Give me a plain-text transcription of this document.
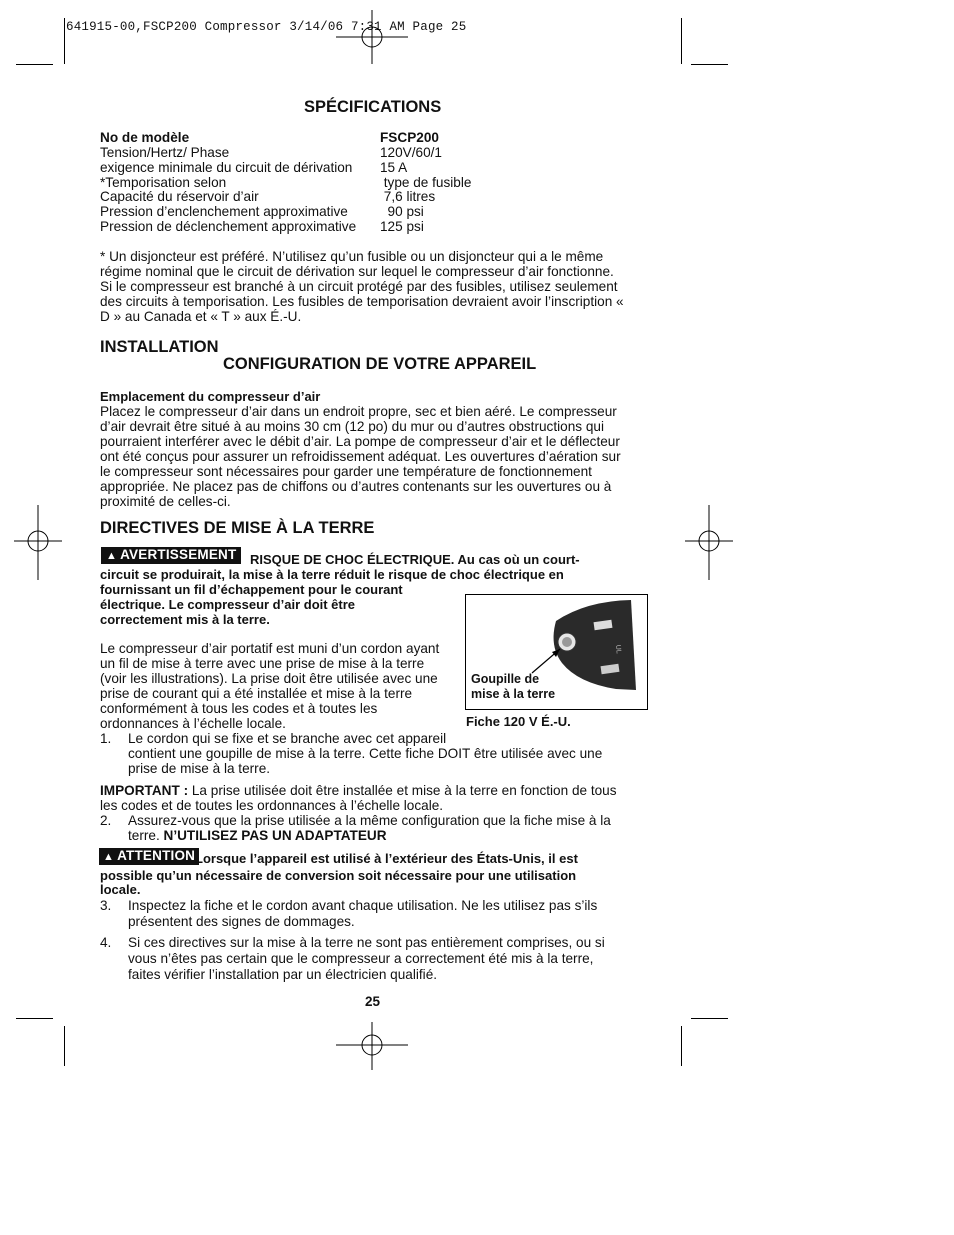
641915-00,FSCP200 Compressor 3/14/06 7:31 AM Page 25
SPÉCIFICATIONS
No de modèle	FSCP200
Tension/Hertz/ Phase	120V/60/1
exigence minimale du circuit de dérivation 15 A
*Temporisation selon	type de fusible
Capacité du réservoir d’air	7,6 litres
Pression d’enclenchement approximative 90 psi
Pression de déclenchement approximative 125 psi
* Un disjoncteur est préféré. N’utilisez qu’un fusible ou un disjoncteur qui a le même
régime nominal que le circuit de dérivation sur lequel le compresseur d’air fonctionne.
Si le compresseur est branché à un circuit protégé par des fusibles, utilisez seulement
des circuits à temporisation. Les fusibles de temporisation devraient avoir l’inscription «
D » au Canada et « T » aux É.-U.
INSTALLATION
CONFIGURATION DE VOTRE APPAREIL
Emplacement du compresseur d’air
Placez le compresseur d’air dans un endroit propre, sec et bien aéré. Le compresseur
d’air devrait être situé à au moins 30 cm (12 po) du mur ou d’autres obstructions qui
pourraient interférer avec le débit d’air. La pompe de compresseur d’air et le déflecteur
ont été conçus pour assurer un refroidissement adéquat. Les ouvertures d’aération sur
le compresseur sont nécessaires pour garder une température de fonctionnement
appropriée. Ne placez pas de chiffons ou d’autres contenants sur les ouvertures ou à
proximité de celles-ci.
DIRECTIVES DE MISE À LA TERRE
▲ AVERTISSEMENT	RISQUE DE CHOC ÉLECTRIQUE. Au cas où un court-
circuit se produirait, la mise à la terre réduit le risque de choc électrique en
fournissant un fil d’échappement pour le courant
électrique. Le compresseur d’air doit être
correctement mis à la terre.
UL
Goupille de
mise à la terre
Fiche 120 V É.-U.
Le compresseur d’air portatif est muni d’un cordon ayant
un fil de mise à terre avec une prise de mise à la terre
(voir les illustrations). La prise doit être utilisée avec une
prise de courant qui a été installée et mise à la terre
conformément à tous les codes et à toutes les
ordonnances à l’échelle locale.
1. Le cordon qui se fixe et se branche avec cet appareil
contient une goupille de mise à la terre. Cette fiche DOIT être utilisée avec une
prise de mise à la terre.
IMPORTANT : La prise utilisée doit être installée et mise à la terre en fonction de tous
les codes et de toutes les ordonnances à l’échelle locale.
2. Assurez-vous que la prise utilisée a la même configuration que la fiche mise à la
terre. N’UTILISEZ PAS UN ADAPTATEUR
▲ ATTENTION Lorsque l’appareil est utilisé à l’extérieur des États-Unis, il est
possible qu’un nécessaire de conversion soit nécessaire pour une utilisation
locale.
3. Inspectez la fiche et le cordon avant chaque utilisation. Ne les utilisez pas s’ils
présentent des signes de dommages.
4. Si ces directives sur la mise à la terre ne sont pas entièrement comprises, ou si
vous n’êtes pas certain que le compresseur a correctement été mis à la terre,
faites vérifier l’installation par un électricien qualifié.
25
